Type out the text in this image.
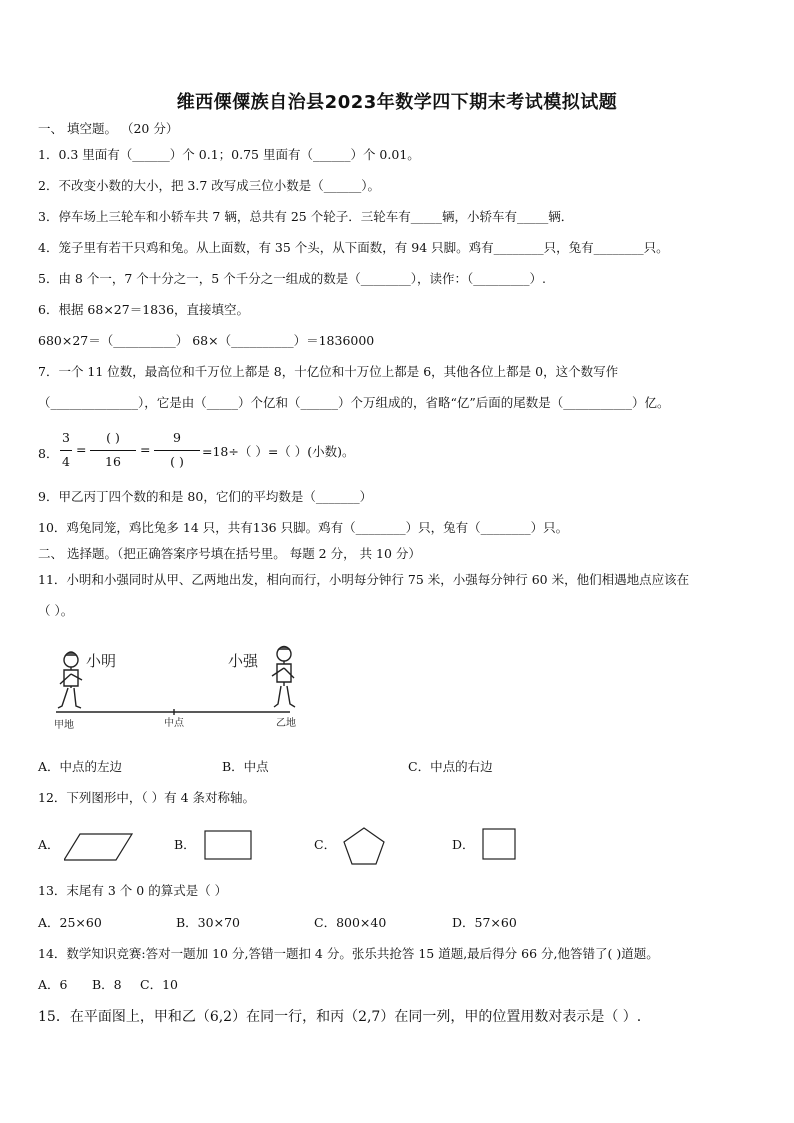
维西傈僳族自治县2023年数学四下期末考试模拟试题
一、 填空题。 （20 分）
1．0.3 里面有（______）个 0.1；0.75 里面有（______）个 0.01。
2．不改变小数的大小，把 3.7 改写成三位小数是（______）。
3．停车场上三轮车和小轿车共 7 辆，总共有 25 个轮子．三轮车有_____辆，小轿车有_____辆．
4．笼子里有若干只鸡和兔。从上面数，有 35 个头，从下面数，有 94 只脚。鸡有________只，兔有________只。
5．由 8 个一，7 个十分之一，5 个千分之一组成的数是（________），读作：（_________）.
6．根据 68×27＝1836，直接填空。
680×27＝（__________） 68×（__________）＝1836000
7．一个 11 位数，最高位和千万位上都是 8，十亿位和十万位上都是 6，其他各位上都是 0，这个数写作
（______________），它是由（_____）个亿和（______）个万组成的，省略“亿”后面的尾数是（___________）亿。
8．
3
4
=
( )
16
=
9
( )
=18÷（ ）=（ ）(小数)。
9．甲乙丙丁四个数的和是 80，它们的平均数是（_______）
10．鸡兔同笼，鸡比兔多 14 只，共有136 只脚。鸡有（________）只，兔有（________）只。
二、 选择题。（把正确答案序号填在括号里。 每题 2 分， 共 10 分）
11．小明和小强同时从甲、乙两地出发，相向而行，小明每分钟行 75 米，小强每分钟行 60 米，他们相遇地点应该在
（ ）。
小明	小强
甲地	中点	乙地
A．中点的左边	B．中点	C．中点的右边
12．下列图形中，（ ）有 4 条对称轴。
A．	B．	C．	D．
13．末尾有 3 个 0 的算式是（ ）
A．25×60	B．30×70	C．800×40	D．57×60
14．数学知识竞赛:答对一题加 10 分,答错一题扣 4 分。张乐共抢答 15 道题,最后得分 66 分,他答错了( )道题。
A．6 B．8 C．10
15．在平面图上，甲和乙（6,2）在同一行，和丙（2,7）在同一列，甲的位置用数对表示是（ ）.
